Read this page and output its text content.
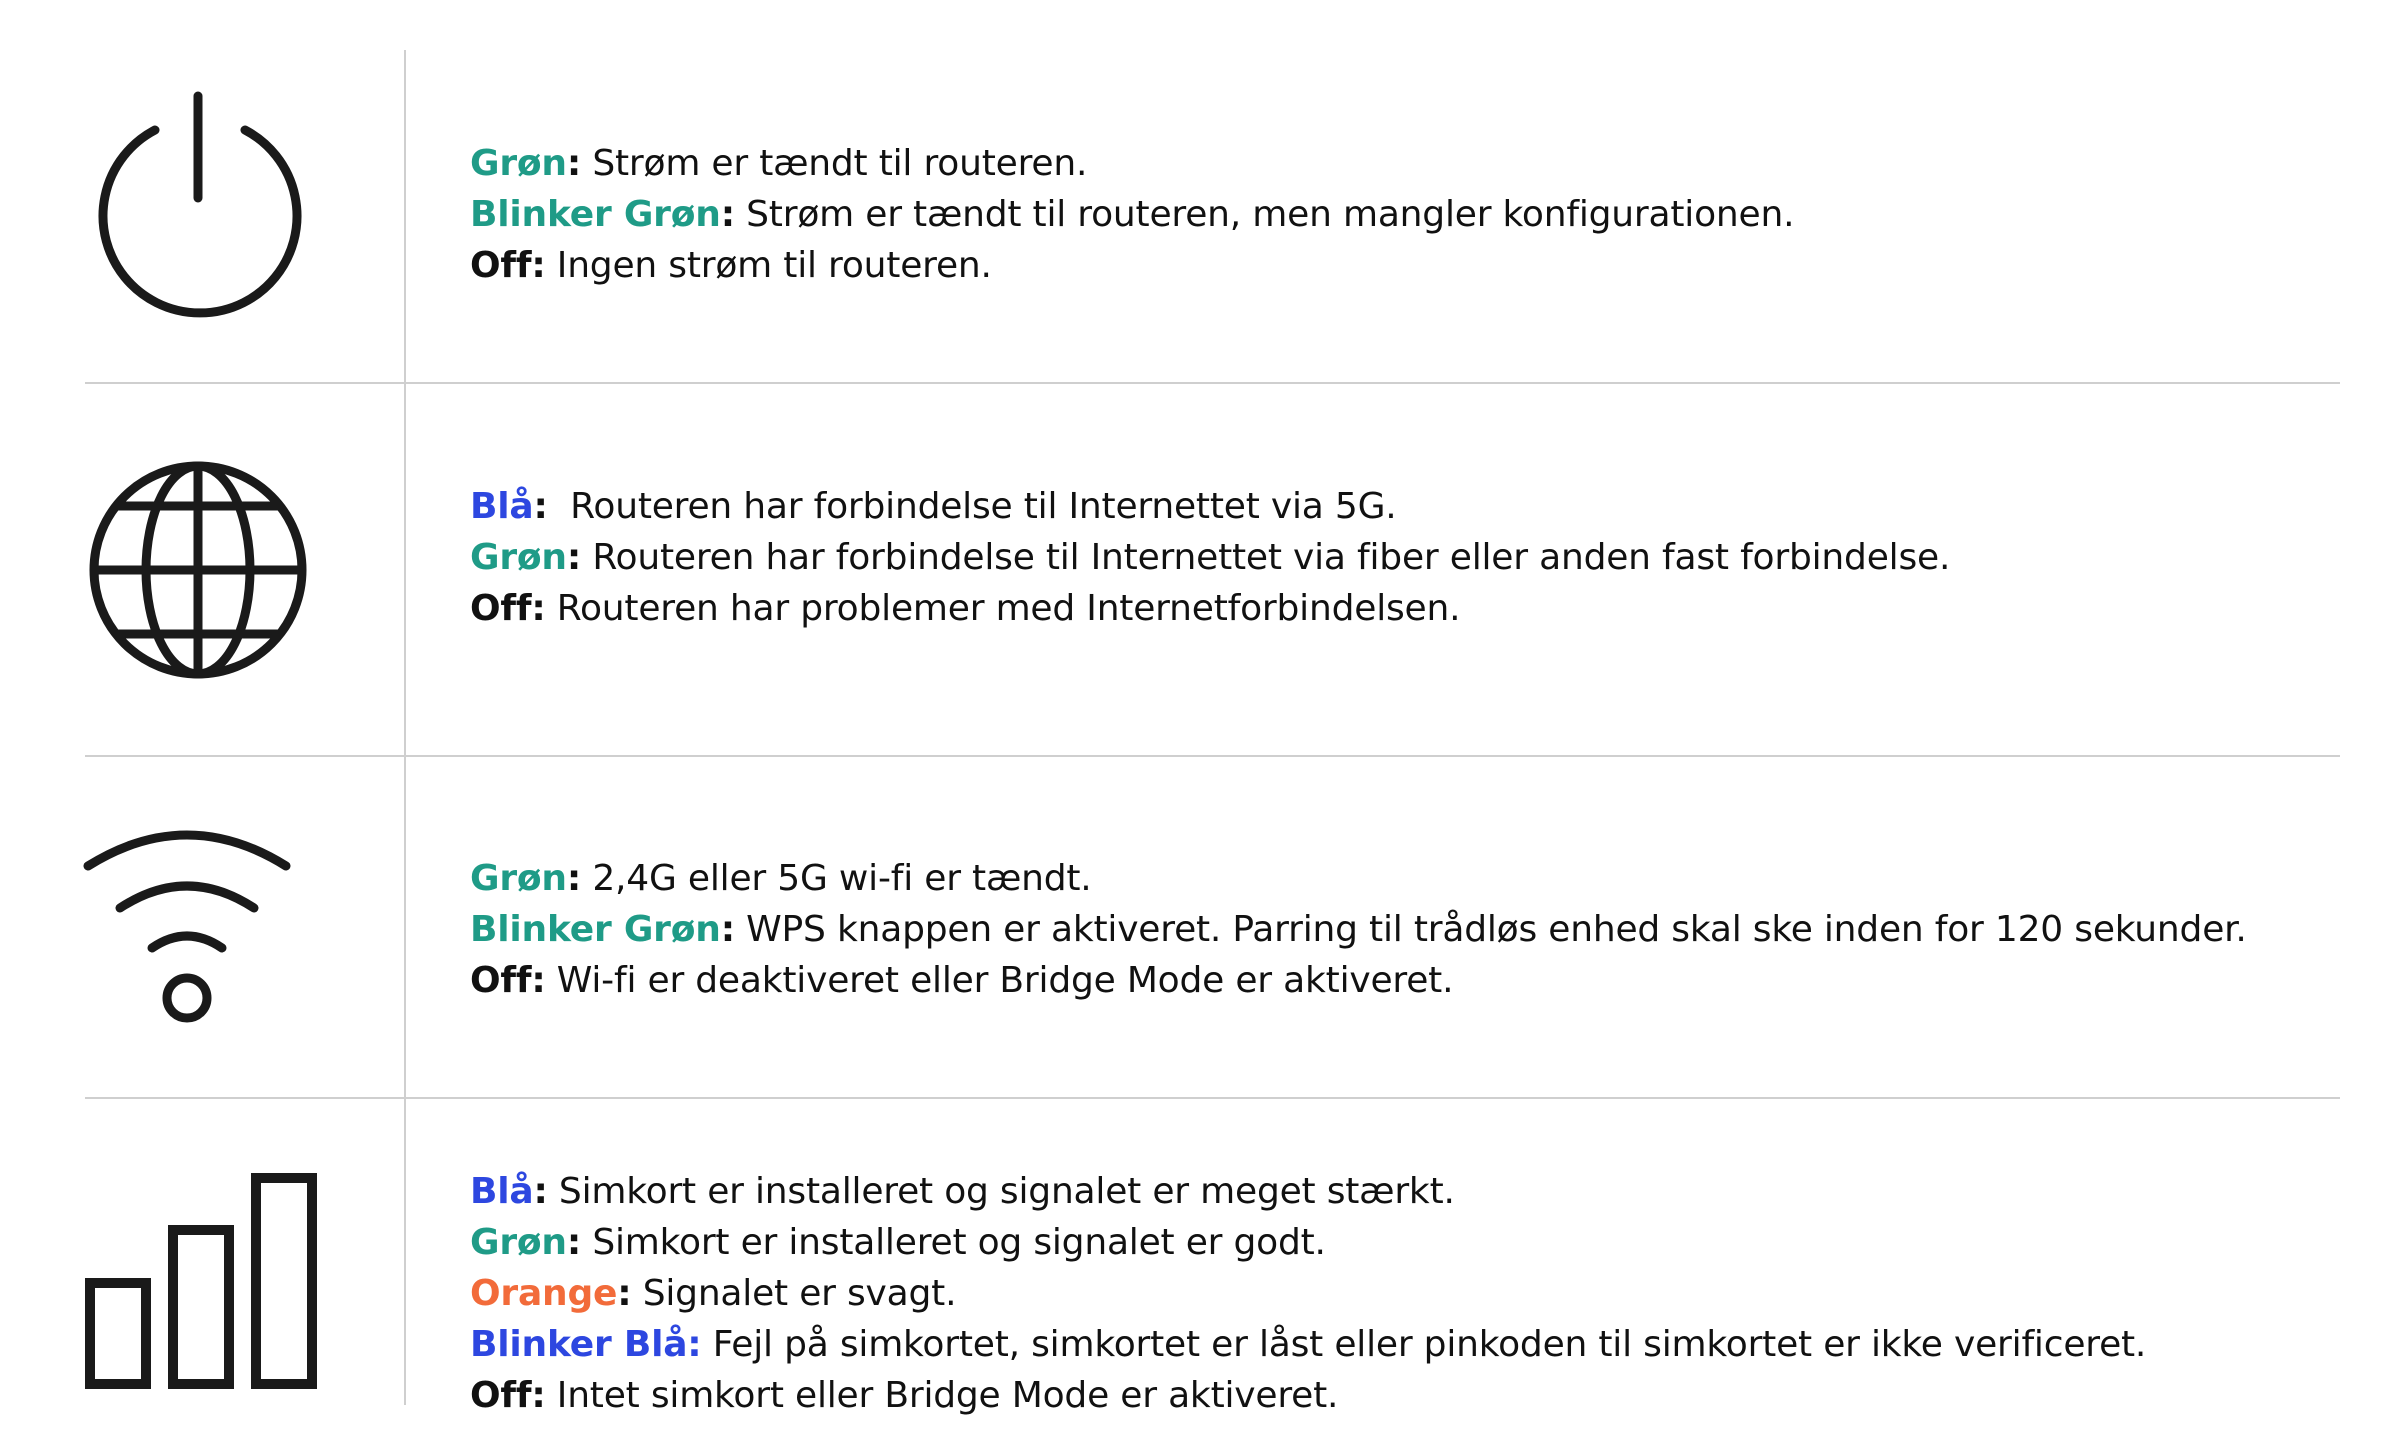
Grøn: Strøm er tændt til routeren.
Blinker Grøn: Strøm er tændt til routeren, men mangler konfigurationen.
Off: Ingen strøm til routeren.
Blå:  Routeren har forbindelse til Internettet via 5G.
Grøn: Routeren har forbindelse til Internettet via fiber eller anden fast forbindelse.
Off: Routeren har problemer med Internetforbindelsen.
Grøn: 2,4G eller 5G wi-fi er tændt.
Blinker Grøn: WPS knappen er aktiveret. Parring til trådløs enhed skal ske inden for 120 sekunder.
Off: Wi-fi er deaktiveret eller Bridge Mode er aktiveret.
Blå: Simkort er installeret og signalet er meget stærkt.
Grøn: Simkort er installeret og signalet er godt.
Orange: Signalet er svagt.
Blinker Blå: Fejl på simkortet, simkortet er låst eller pinkoden til simkortet er ikke verificeret.
Off: Intet simkort eller Bridge Mode er aktiveret.
